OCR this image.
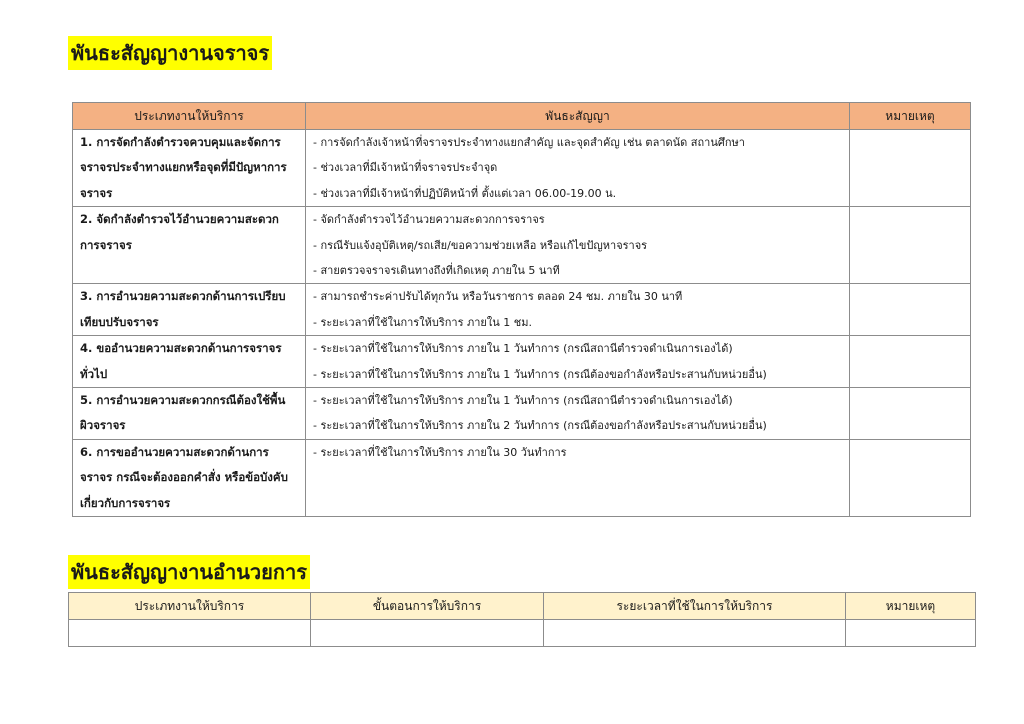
พันธะสัญญางานจราจร
ประเภทงานให้บริการ	พันธะสัญญา	หมายเหตุ

1. การจัดกำลังตำรวจควบคุมและจัดการจราจรประจำทางแยกหรือจุดที่มีปัญหาการจราจร	- การจัดกำลังเจ้าหน้าที่จราจรประจำทางแยกสำคัญ และจุดสำคัญ เช่น ตลาดนัด สถานศึกษา
- ช่วงเวลาที่มีเจ้าหน้าที่จราจรประจำจุด
- ช่วงเวลาที่มีเจ้าหน้าที่ปฏิบัติหน้าที่ ตั้งแต่เวลา 06.00-19.00 น.	

2. จัดกำลังตำรวจไว้อำนวยความสะดวกการจราจร	- จัดกำลังตำรวจไว้อำนวยความสะดวกการจราจร
- กรณีรับแจ้งอุบัติเหตุ/รถเสีย/ขอความช่วยเหลือ หรือแก้ไขปัญหาจราจร
- สายตรวจจราจรเดินทางถึงที่เกิดเหตุ ภายใน 5 นาที	

3. การอำนวยความสะดวกด้านการเปรียบเทียบปรับจราจร	- สามารถชำระค่าปรับได้ทุกวัน หรือวันราชการ ตลอด 24 ชม. ภายใน 30 นาที
- ระยะเวลาที่ใช้ในการให้บริการ ภายใน 1 ชม.	

4. ขออำนวยความสะดวกด้านการจราจรทั่วไป	- ระยะเวลาที่ใช้ในการให้บริการ ภายใน 1 วันทำการ (กรณีสถานีตำรวจดำเนินการเองได้)
- ระยะเวลาที่ใช้ในการให้บริการ ภายใน 1 วันทำการ (กรณีต้องขอกำลังหรือประสานกับหน่วยอื่น)	

5. การอำนวยความสะดวกกรณีต้องใช้พื้นผิวจราจร	- ระยะเวลาที่ใช้ในการให้บริการ ภายใน 1 วันทำการ (กรณีสถานีตำรวจดำเนินการเองได้)
- ระยะเวลาที่ใช้ในการให้บริการ ภายใน 2 วันทำการ (กรณีต้องขอกำลังหรือประสานกับหน่วยอื่น)	

6. การขออำนวยความสะดวกด้านการจราจร กรณีจะต้องออกคำสั่ง หรือข้อบังคับเกี่ยวกับการจราจร	- ระยะเวลาที่ใช้ในการให้บริการ ภายใน 30 วันทำการ	

พันธะสัญญางานอำนวยการ
ประเภทงานให้บริการ	ขั้นตอนการให้บริการ	ระยะเวลาที่ใช้ในการให้บริการ	หมายเหตุ
